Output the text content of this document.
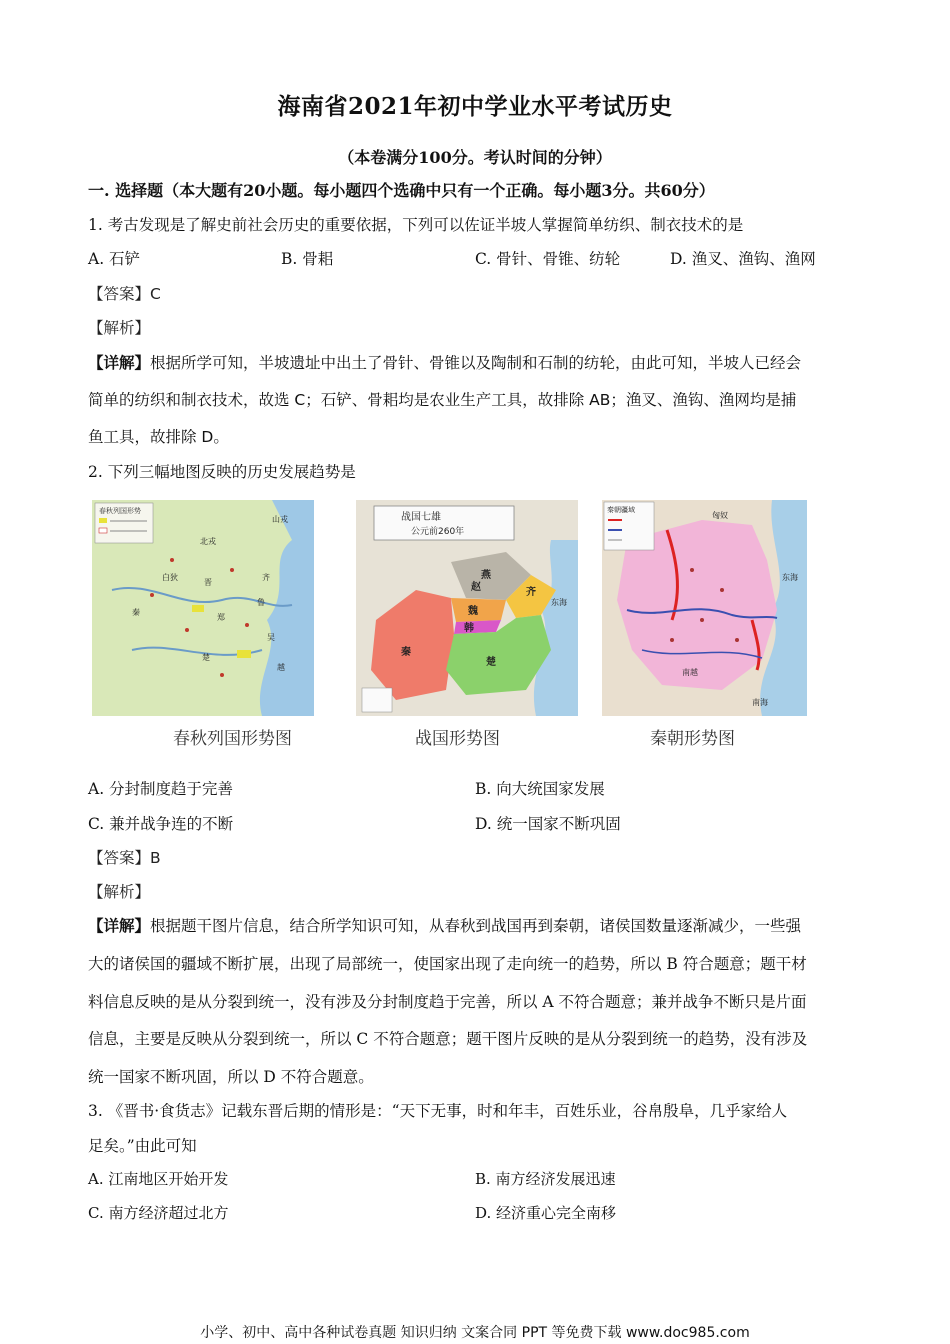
海南省2021年初中学业水平考试历史
（本卷满分100分。考认时间的分钟）
一. 选择题（本大题有20小题。每小题四个选确中只有一个正确。每小题3分。共60分）
1. 考古发现是了解史前社会历史的重要依据，下列可以佐证半坡人掌握简单纺织、制衣技术的是
A. 石铲	B. 骨耜	C. 骨针、骨锥、纺轮	D. 渔叉、渔钩、渔网
【答案】C
【解析】
【详解】根据所学可知，半坡遗址中出土了骨针、骨锥以及陶制和石制的纺轮，由此可知，半坡人已经会
简单的纺织和制衣技术，故选 C；石铲、骨耜均是农业生产工具，故排除 AB；渔叉、渔钩、渔网均是捕
鱼工具，故排除 D。
2. 下列三幅地图反映的历史发展趋势是
春秋列国形势
山戎
北戎
白狄
晋
齐
鲁
郑
楚
秦
吴
越
战国七雄
公元前260年
燕
赵	齐
魏
韩
秦
楚
东海
秦朝疆域
匈奴
东海
南海
南越
春秋列国形势图	战国形势图	秦朝形势图
A. 分封制度趋于完善	B. 向大统国家发展
C. 兼并战争连的不断	D. 统一国家不断巩固
【答案】B
【解析】
【详解】根据题干图片信息，结合所学知识可知，从春秋到战国再到秦朝，诸侯国数量逐渐减少，一些强
大的诸侯国的疆域不断扩展，出现了局部统一，使国家出现了走向统一的趋势，所以 B 符合题意；题干材
料信息反映的是从分裂到统一，没有涉及分封制度趋于完善，所以 A 不符合题意；兼并战争不断只是片面
信息，主要是反映从分裂到统一，所以 C 不符合题意；题干图片反映的是从分裂到统一的趋势，没有涉及
统一国家不断巩固，所以 D 不符合题意。
3. 《晋书·食货志》记载东晋后期的情形是：“天下无事，时和年丰，百姓乐业，谷帛殷阜，几乎家给人
足矣。”由此可知
A. 江南地区开始开发	B. 南方经济发展迅速
C. 南方经济超过北方	D. 经济重心完全南移
小学、初中、高中各种试卷真题 知识归纳 文案合同 PPT 等免费下载 www.doc985.com
